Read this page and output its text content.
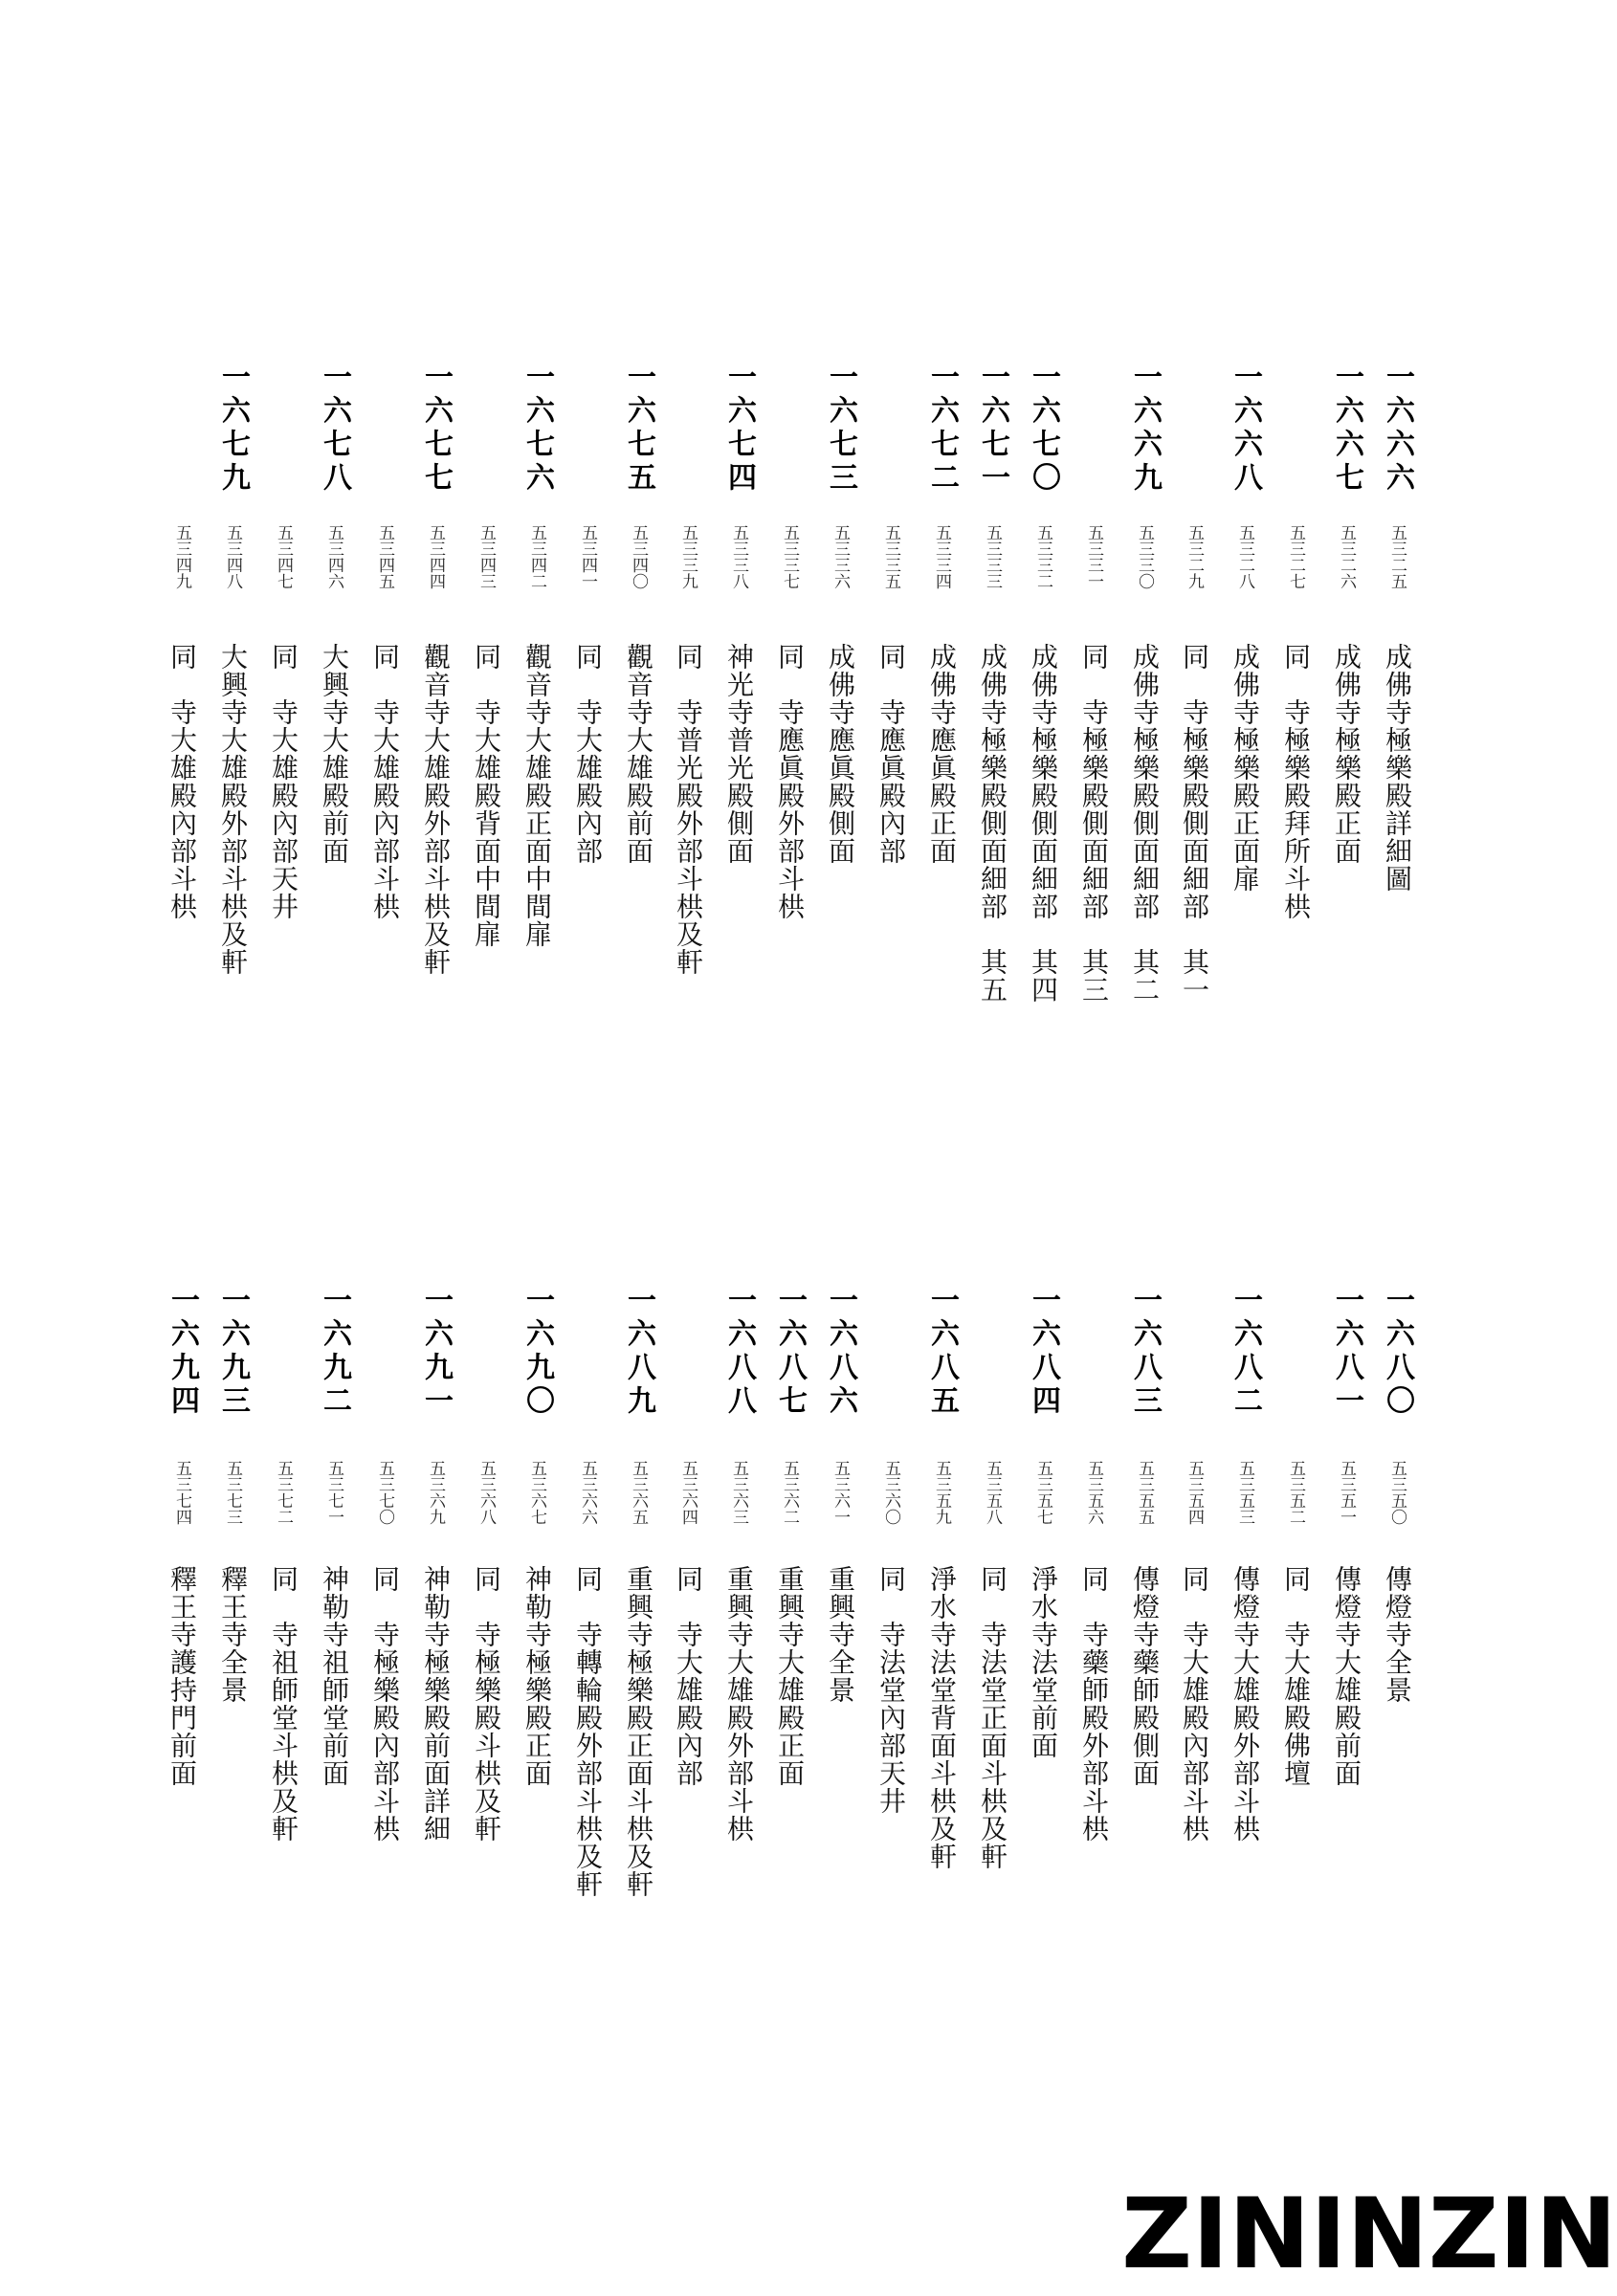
一六六六
五三二五
成佛寺極樂殿詳細圖
一六六七
五三二六
成佛寺極樂殿正面
五三二七
同　寺極樂殿拜所斗栱
一六六八
五三二八
成佛寺極樂殿正面扉
五三二九
同　寺極樂殿側面細部　其一
一六六九
五三三〇
成佛寺極樂殿側面細部　其二
五三三一
同　寺極樂殿側面細部　其三
一六七〇
五三三二
成佛寺極樂殿側面細部　其四
一六七一
五三三三
成佛寺極樂殿側面細部　其五
一六七二
五三三四
成佛寺應眞殿正面
五三三五
同　寺應眞殿內部
一六七三
五三三六
成佛寺應眞殿側面
五三三七
同　寺應眞殿外部斗栱
一六七四
五三三八
神光寺普光殿側面
五三三九
同　寺普光殿外部斗栱及軒
一六七五
五三四〇
觀音寺大雄殿前面
五三四一
同　寺大雄殿內部
一六七六
五三四二
觀音寺大雄殿正面中間扉
五三四三
同　寺大雄殿背面中間扉
一六七七
五三四四
觀音寺大雄殿外部斗栱及軒
五三四五
同　寺大雄殿內部斗栱
一六七八
五三四六
大興寺大雄殿前面
五三四七
同　寺大雄殿內部天井
一六七九
五三四八
大興寺大雄殿外部斗栱及軒
五三四九
同　寺大雄殿內部斗栱
一六八〇
五三五〇
傳燈寺全景
一六八一
五三五一
傳燈寺大雄殿前面
五三五二
同　寺大雄殿佛壇
一六八二
五三五三
傳燈寺大雄殿外部斗栱
五三五四
同　寺大雄殿內部斗栱
一六八三
五三五五
傳燈寺藥師殿側面
五三五六
同　寺藥師殿外部斗栱
一六八四
五三五七
淨水寺法堂前面
五三五八
同　寺法堂正面斗栱及軒
一六八五
五三五九
淨水寺法堂背面斗栱及軒
五三六〇
同　寺法堂內部天井
一六八六
五三六一
重興寺全景
一六八七
五三六二
重興寺大雄殿正面
一六八八
五三六三
重興寺大雄殿外部斗栱
五三六四
同　寺大雄殿內部
一六八九
五三六五
重興寺極樂殿正面斗栱及軒
五三六六
同　寺轉輪殿外部斗栱及軒
一六九〇
五三六七
神勒寺極樂殿正面
五三六八
同　寺極樂殿斗栱及軒
一六九一
五三六九
神勒寺極樂殿前面詳細
五三七〇
同　寺極樂殿內部斗栱
一六九二
五三七一
神勒寺祖師堂前面
五三七二
同　寺祖師堂斗栱及軒
一六九三
五三七三
釋王寺全景
一六九四
五三七四
釋王寺護持門前面
ZININZIN
